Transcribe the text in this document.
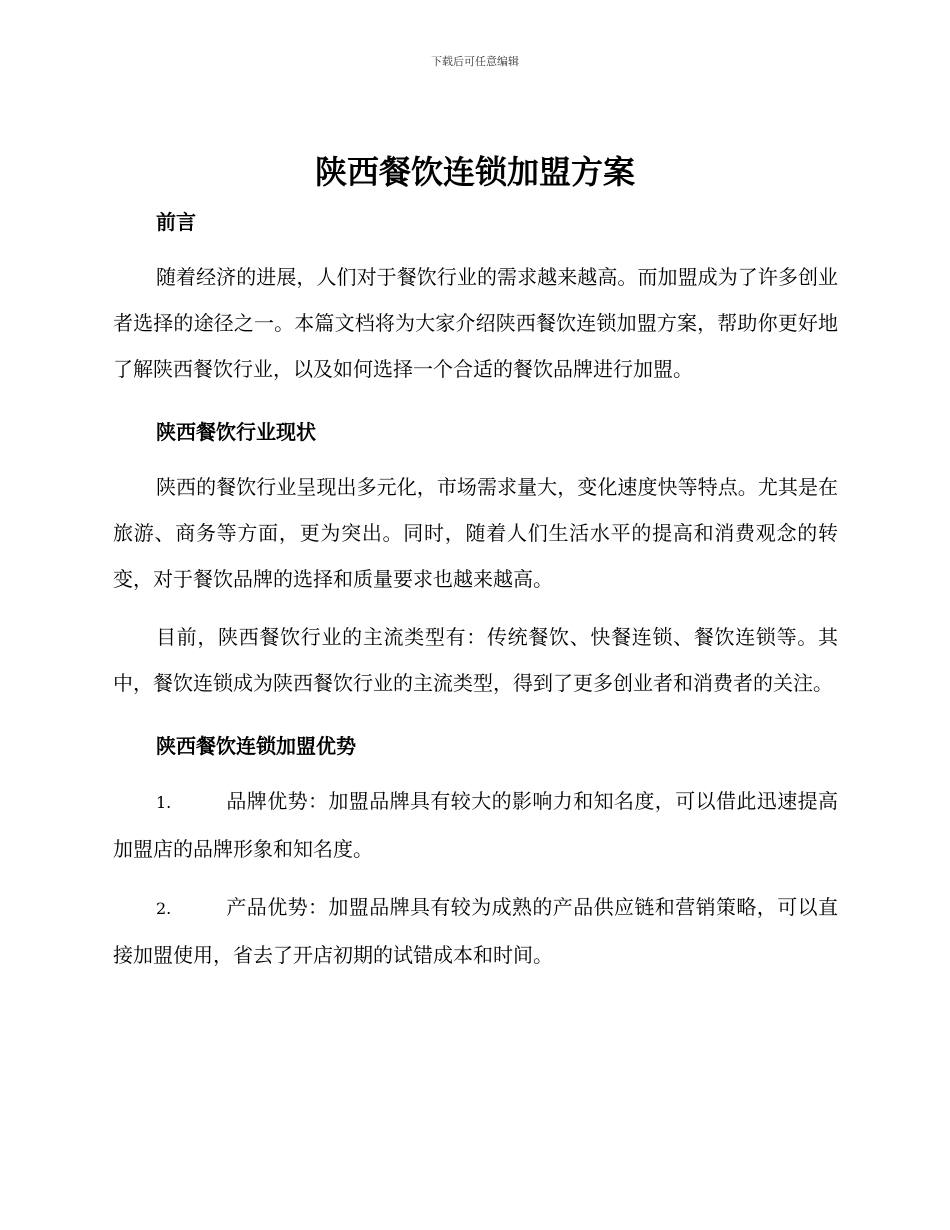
下载后可任意编辑
陕西餐饮连锁加盟方案
前言

随着经济的进展，人们对于餐饮行业的需求越来越高。而加盟成为了许多创业者选择的途径之一。本篇文档将为大家介绍陕西餐饮连锁加盟方案，帮助你更好地了解陕西餐饮行业，以及如何选择一个合适的餐饮品牌进行加盟。

陕西餐饮行业现状

陕西的餐饮行业呈现出多元化，市场需求量大，变化速度快等特点。尤其是在旅游、商务等方面，更为突出。同时，随着人们生活水平的提高和消费观念的转变，对于餐饮品牌的选择和质量要求也越来越高。

目前，陕西餐饮行业的主流类型有：传统餐饮、快餐连锁、餐饮连锁等。其中，餐饮连锁成为陕西餐饮行业的主流类型，得到了更多创业者和消费者的关注。

陕西餐饮连锁加盟优势

1.	品牌优势：加盟品牌具有较大的影响力和知名度，可以借此迅速提高加盟店的品牌形象和知名度。

2.	产品优势：加盟品牌具有较为成熟的产品供应链和营销策略，可以直接加盟使用，省去了开店初期的试错成本和时间。
